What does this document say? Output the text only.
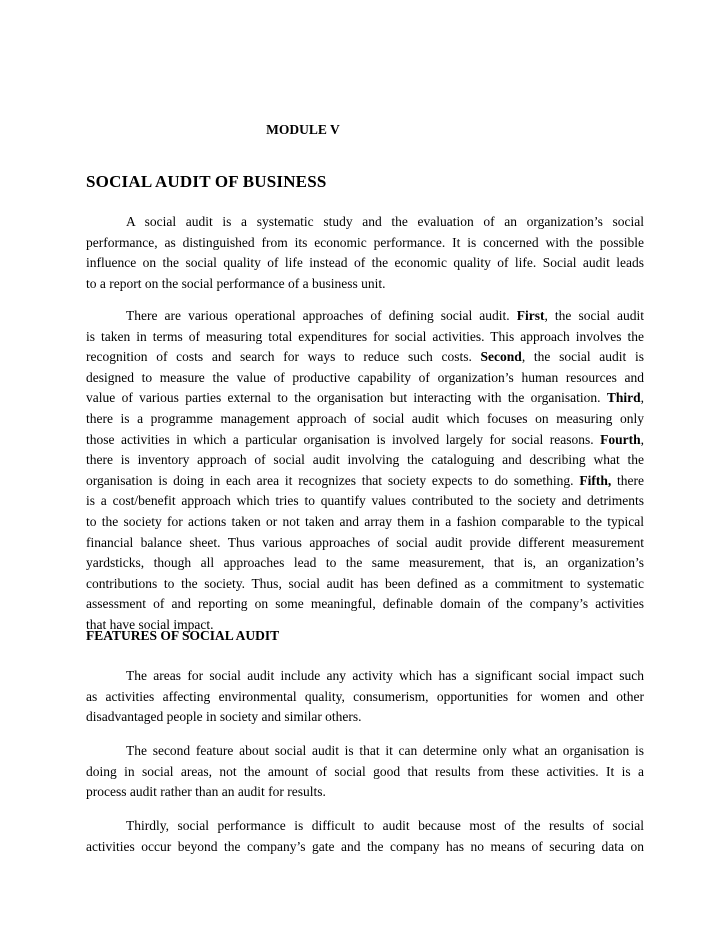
MODULE V
SOCIAL AUDIT OF BUSINESS
A social audit is a systematic study and the evaluation of an organization’s social
performance, as distinguished from its economic performance. It is concerned with the possible
influence on the social quality of life instead of the economic quality of life. Social audit leads
to a report on the social performance of a business unit.
There are various operational approaches of defining social audit. First, the social audit
is taken in terms of measuring total expenditures for social activities. This approach involves the
recognition of costs and search for ways to reduce such costs. Second, the social audit is
designed to measure the value of productive capability of organization’s human resources and
value of various parties external to the organisation but interacting with the organisation. Third,
there is a programme management approach of social audit which focuses on measuring only
those activities in which a particular organisation is involved largely for social reasons. Fourth,
there is inventory approach of social audit involving the cataloguing and describing what the
organisation is doing in each area it recognizes that society expects to do something. Fifth, there
is a cost/benefit approach which tries to quantify values contributed to the society and detriments
to the society for actions taken or not taken and array them in a fashion comparable to the typical
financial balance sheet. Thus various approaches of social audit provide different measurement
yardsticks, though all approaches lead to the same measurement, that is, an organization’s
contributions to the society. Thus, social audit has been defined as a commitment to systematic
assessment of and reporting on some meaningful, definable domain of the company’s activities
that have social impact.
FEATURES OF SOCIAL AUDIT
The areas for social audit include any activity which has a significant social impact such
as activities affecting environmental quality, consumerism, opportunities for women and other
disadvantaged people in society and similar others.
The second feature about social audit is that it can determine only what an organisation is
doing in social areas, not the amount of social good that results from these activities. It is a
process audit rather than an audit for results.
Thirdly, social performance is difficult to audit because most of the results of social
activities occur beyond the company’s gate and the company has no means of securing data on
